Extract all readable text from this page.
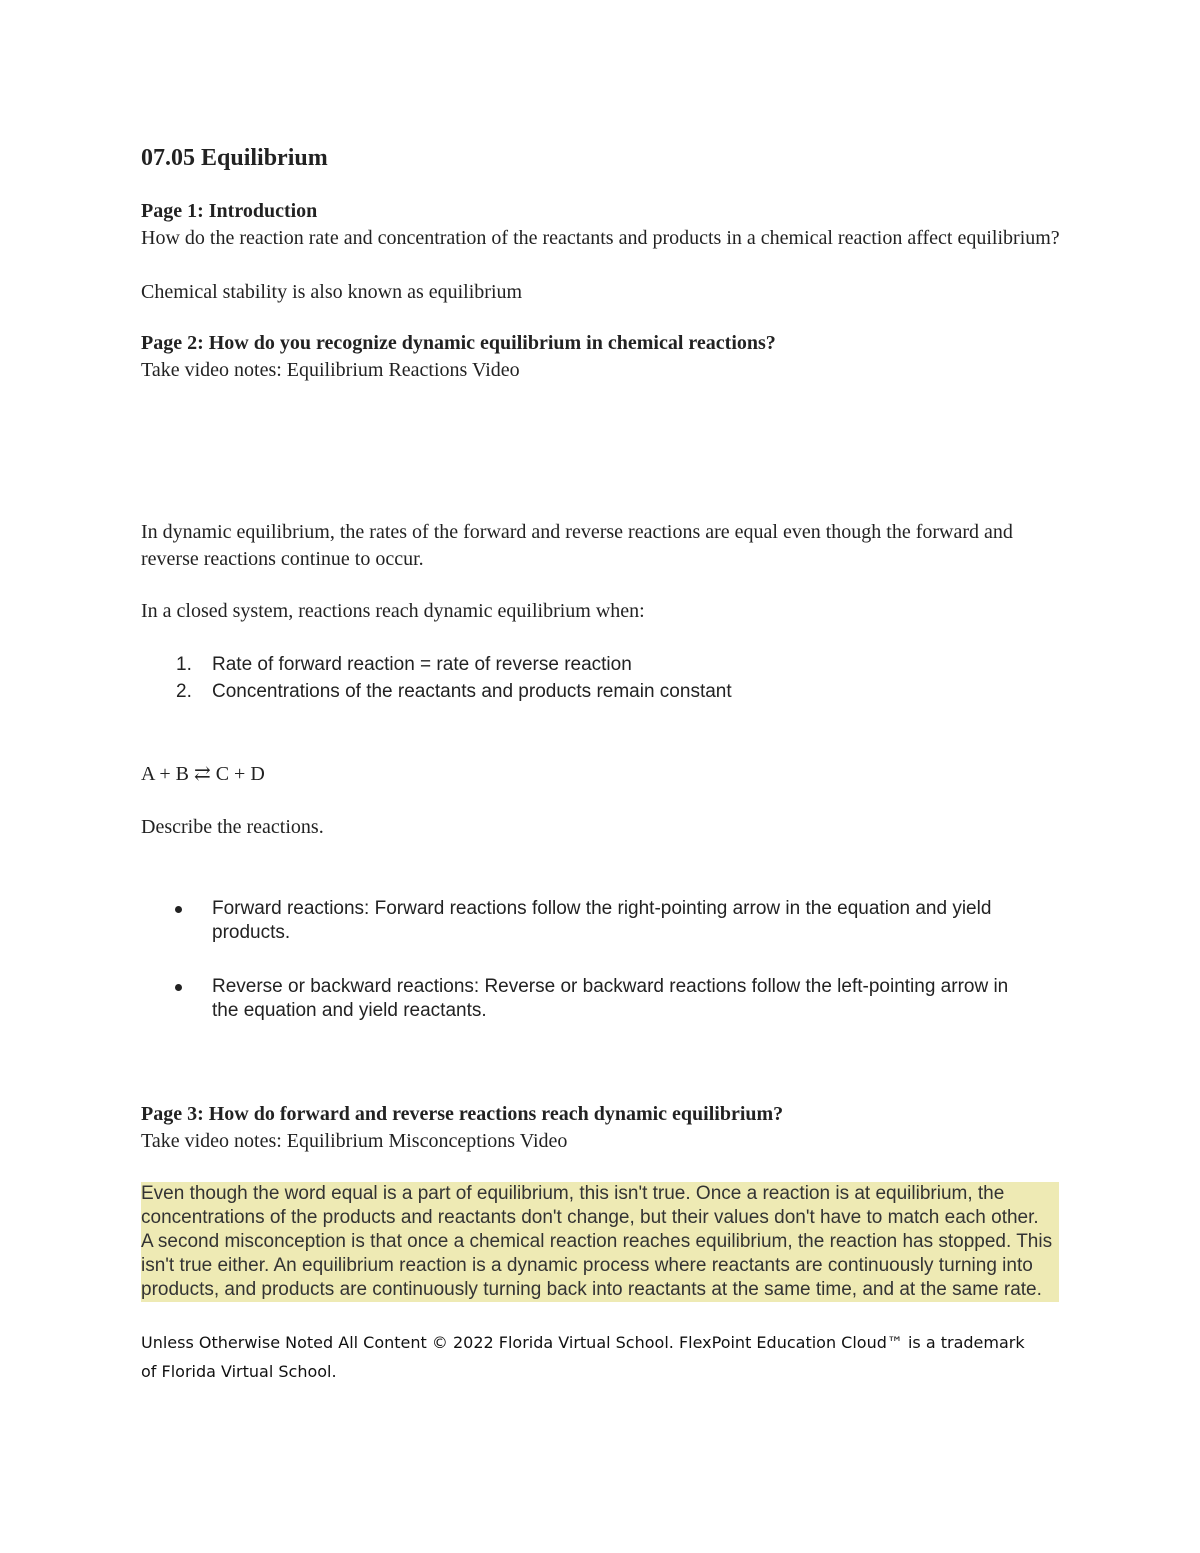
07.05 Equilibrium
Page 1: Introduction

How do the reaction rate and concentration of the reactants and products in a chemical reaction affect equilibrium?

Chemical stability is also known as equilibrium

Page 2: How do you recognize dynamic equilibrium in chemical reactions?

Take video notes: Equilibrium Reactions Video

In dynamic equilibrium, the rates of the forward and reverse reactions are equal even though the forward and reverse reactions continue to occur.

In a closed system, reactions reach dynamic equilibrium when:

1. Rate of forward reaction = rate of reverse reaction
2. Concentrations of the reactants and products remain constant

A + B ⇄ C + D

Describe the reactions.

Forward reactions: Forward reactions follow the right-pointing arrow in the equation and yield products.
Reverse or backward reactions: Reverse or backward reactions follow the left-pointing arrow in the equation and yield reactants.
Page 3: How do forward and reverse reactions reach dynamic equilibrium?

Take video notes: Equilibrium Misconceptions Video

Even though the word equal is a part of equilibrium, this isn't true. Once a reaction is at equilibrium, the concentrations of the products and reactants don't change, but their values don't have to match each other.

A second misconception is that once a chemical reaction reaches equilibrium, the reaction has stopped. This isn't true either. An equilibrium reaction is a dynamic process where reactants are continuously turning into products, and products are continuously turning back into reactants at the same time, and at the same rate.

Unless Otherwise Noted All Content © 2022 Florida Virtual School. FlexPoint Education Cloud™ is a trademark of Florida Virtual School.
